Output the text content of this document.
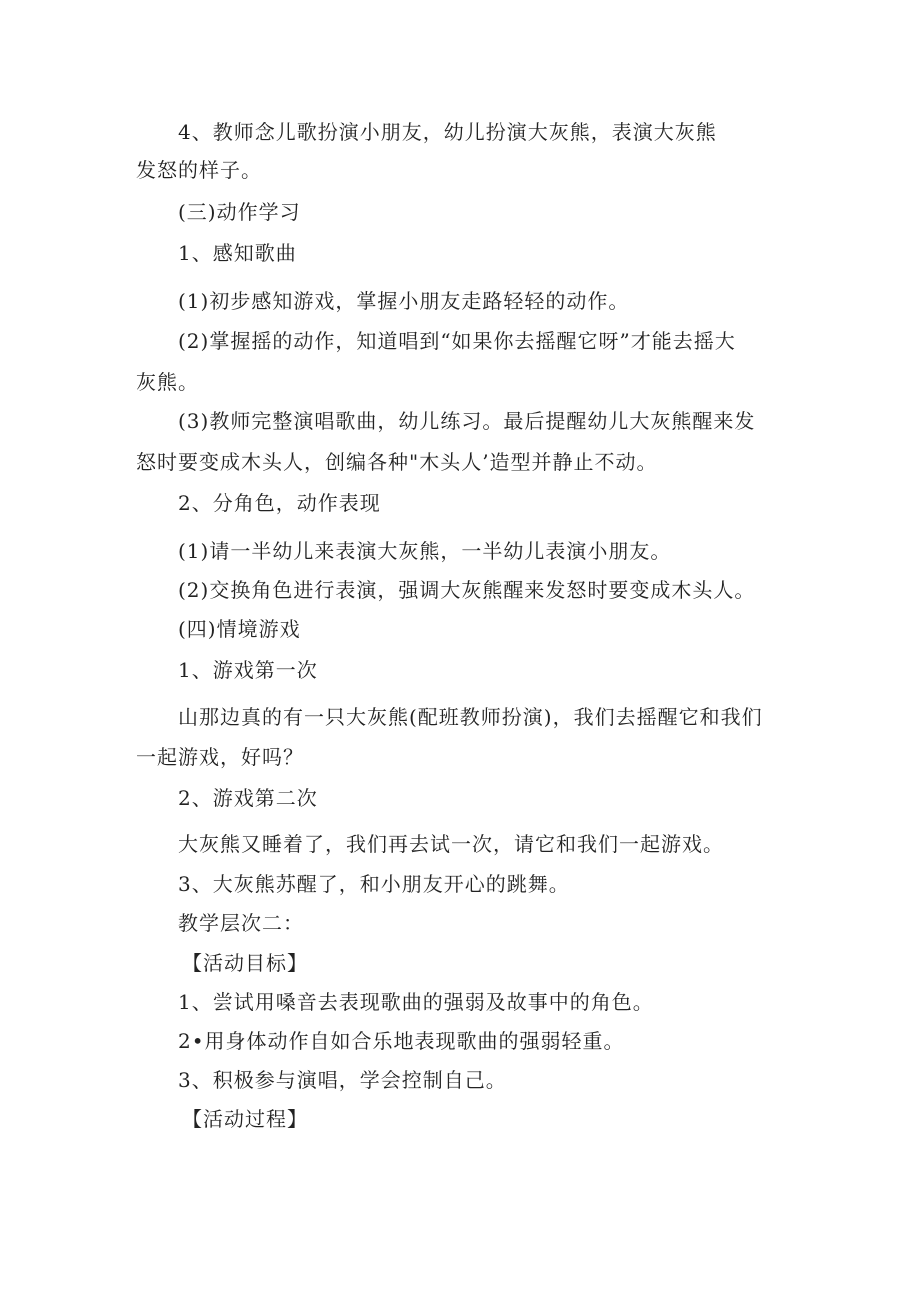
4、教师念儿歌扮演小朋友，幼儿扮演大灰熊，表演大灰熊
发怒的样子。
(三)动作学习
1、感知歌曲
(1)初步感知游戏，掌握小朋友走路轻轻的动作。
(2)掌握摇的动作，知道唱到“如果你去摇醒它呀”才能去摇大
灰熊。
(3)教师完整演唱歌曲，幼儿练习。最后提醒幼儿大灰熊醒来发
怒时要变成木头人，创编各种"木头人’造型并静止不动。
2、分角色，动作表现
(1)请一半幼儿来表演大灰熊，一半幼儿表演小朋友。
(2)交换角色进行表演，强调大灰熊醒来发怒时要变成木头人。
(四)情境游戏
1、游戏第一次
山那边真的有一只大灰熊(配班教师扮演)，我们去摇醒它和我们
一起游戏，好吗？
2、游戏第二次
大灰熊又睡着了，我们再去试一次，请它和我们一起游戏。
3、大灰熊苏醒了，和小朋友开心的跳舞。
教学层次二：
【活动目标】
1、尝试用嗓音去表现歌曲的强弱及故事中的角色。
2•用身体动作自如合乐地表现歌曲的强弱轻重。
3、积极参与演唱，学会控制自己。
【活动过程】
